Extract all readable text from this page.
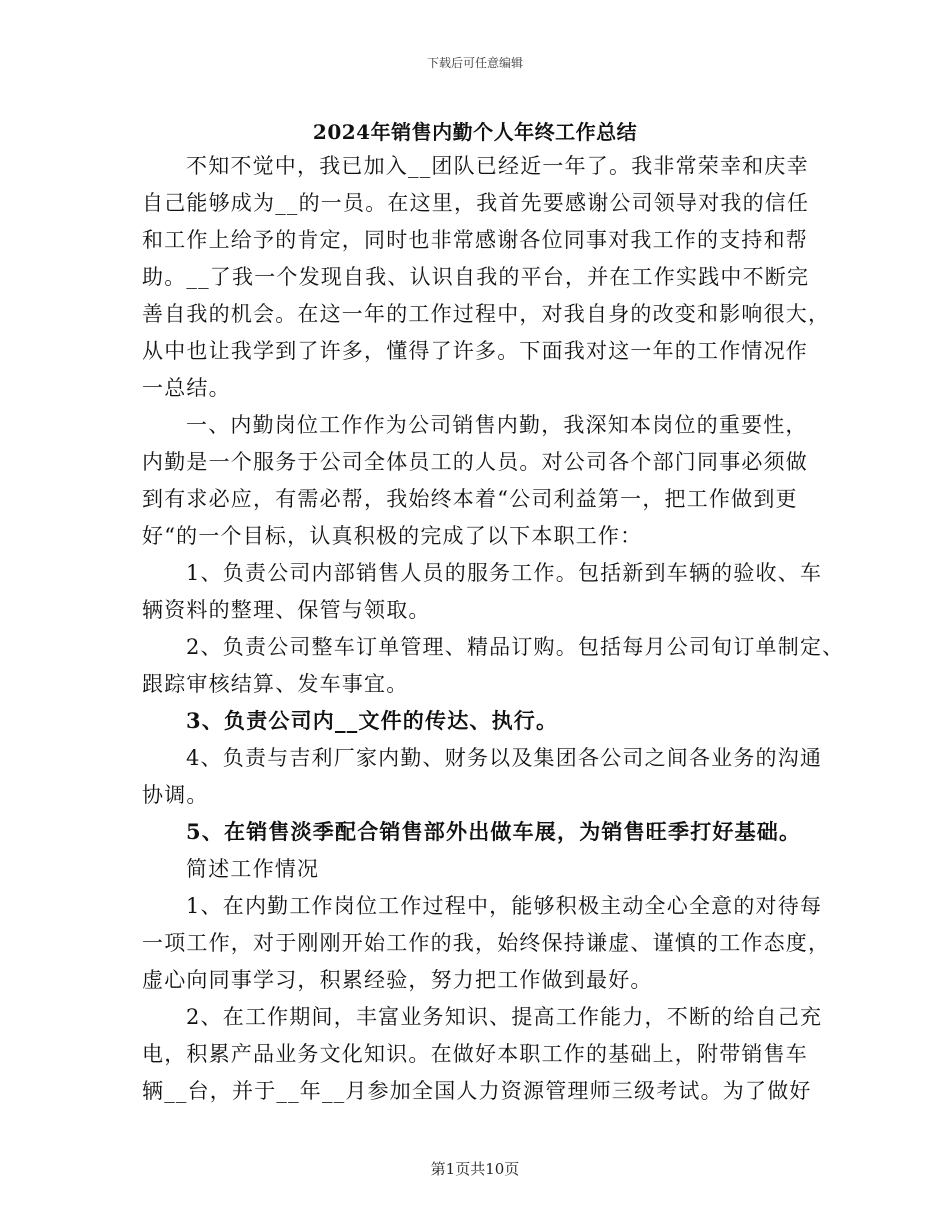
下载后可任意编辑
2024年销售内勤个人年终工作总结
不知不觉中，我已加入__团队已经近一年了。我非常荣幸和庆幸
自己能够成为__的一员。在这里，我首先要感谢公司领导对我的信任
和工作上给予的肯定，同时也非常感谢各位同事对我工作的支持和帮
助。__了我一个发现自我、认识自我的平台，并在工作实践中不断完
善自我的机会。在这一年的工作过程中，对我自身的改变和影响很大，
从中也让我学到了许多，懂得了许多。下面我对这一年的工作情况作
一总结。
一、内勤岗位工作作为公司销售内勤，我深知本岗位的重要性，
内勤是一个服务于公司全体员工的人员。对公司各个部门同事必须做
到有求必应，有需必帮，我始终本着“公司利益第一，把工作做到更
好“的一个目标，认真积极的完成了以下本职工作：
1、负责公司内部销售人员的服务工作。包括新到车辆的验收、车
辆资料的整理、保管与领取。
2、负责公司整车订单管理、精品订购。包括每月公司旬订单制定、
跟踪审核结算、发车事宜。
3、负责公司内__文件的传达、执行。
4、负责与吉利厂家内勤、财务以及集团各公司之间各业务的沟通
协调。
5、在销售淡季配合销售部外出做车展，为销售旺季打好基础。
简述工作情况
1、在内勤工作岗位工作过程中，能够积极主动全心全意的对待每
一项工作，对于刚刚开始工作的我，始终保持谦虚、谨慎的工作态度，
虚心向同事学习，积累经验，努力把工作做到最好。
2、在工作期间，丰富业务知识、提高工作能力，不断的给自己充
电，积累产品业务文化知识。在做好本职工作的基础上，附带销售车
辆__台，并于__年__月参加全国人力资源管理师三级考试。为了做好
第1页共10页
